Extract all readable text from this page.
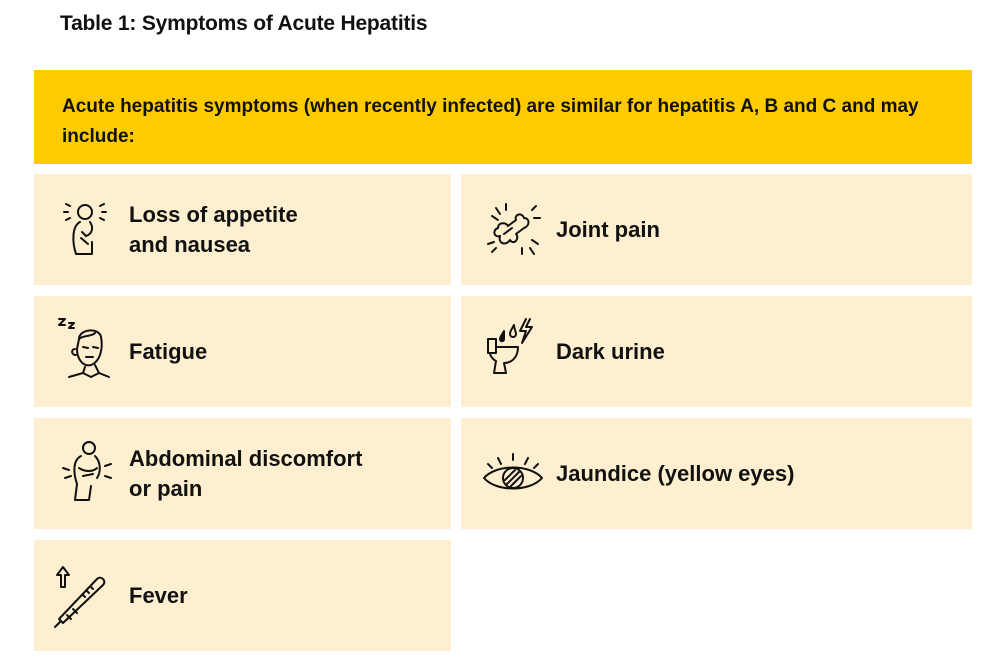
Table 1: Symptoms of Acute Hepatitis
Acute hepatitis symptoms (when recently infected) are similar for hepatitis A, B and C and may include:
Loss of appetite
and nausea
Joint pain
Fatigue	Dark urine
Abdominal discomfort
or pain
Jaundice (yellow eyes)
Fever
